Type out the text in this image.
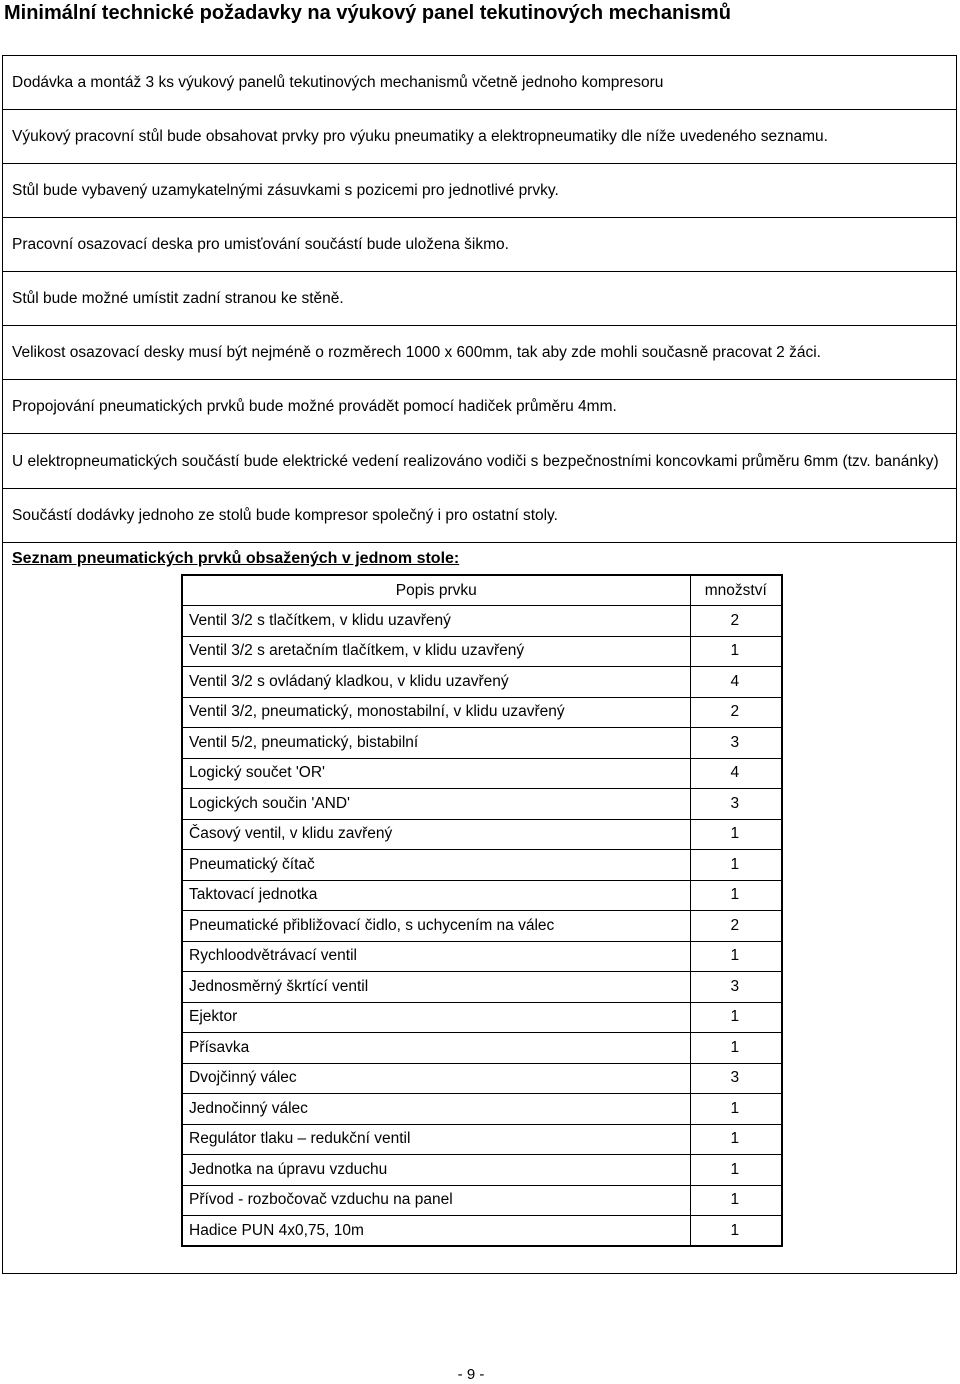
Minimální technické požadavky na výukový panel tekutinových mechanismů
Dodávka a montáž 3 ks výukový panelů tekutinových mechanismů včetně jednoho kompresoru
Výukový pracovní stůl bude obsahovat prvky pro výuku pneumatiky a elektropneumatiky dle níže uvedeného seznamu.
Stůl bude vybavený uzamykatelnými zásuvkami s pozicemi pro jednotlivé prvky.
Pracovní osazovací deska pro umisťování součástí bude uložena šikmo.
Stůl bude možné umístit zadní stranou ke stěně.
Velikost osazovací desky musí být nejméně o rozměrech 1000 x 600mm, tak aby zde mohli současně pracovat 2 žáci.
Propojování pneumatických prvků bude možné provádět pomocí hadiček průměru 4mm.
U elektropneumatických součástí bude elektrické vedení realizováno vodiči s bezpečnostními koncovkami průměru 6mm (tzv. banánky)
Součástí dodávky jednoho ze stolů bude kompresor společný i pro ostatní stoly.
Seznam pneumatických prvků obsažených v jednom stole:
Popis prvku	množství
Ventil 3/2 s tlačítkem, v klidu uzavřený	2
Ventil 3/2 s aretačním tlačítkem, v klidu uzavřený	1
Ventil 3/2 s ovládaný kladkou, v klidu uzavřený	4
Ventil 3/2, pneumatický, monostabilní, v klidu uzavřený	2
Ventil 5/2, pneumatický, bistabilní	3
Logický součet 'OR'	4
Logických součin 'AND'	3
Časový ventil, v klidu zavřený	1
Pneumatický čítač	1
Taktovací jednotka	1
Pneumatické přibližovací čidlo, s uchycením na válec	2
Rychloodvětrávací ventil	1
Jednosměrný škrtící ventil	3
Ejektor	1
Přísavka	1
Dvojčinný válec	3
Jednočinný válec	1
Regulátor tlaku – redukční ventil	1
Jednotka na úpravu vzduchu	1
Přívod - rozbočovač vzduchu na panel	1
Hadice PUN 4x0,75, 10m	1
- 9 -
